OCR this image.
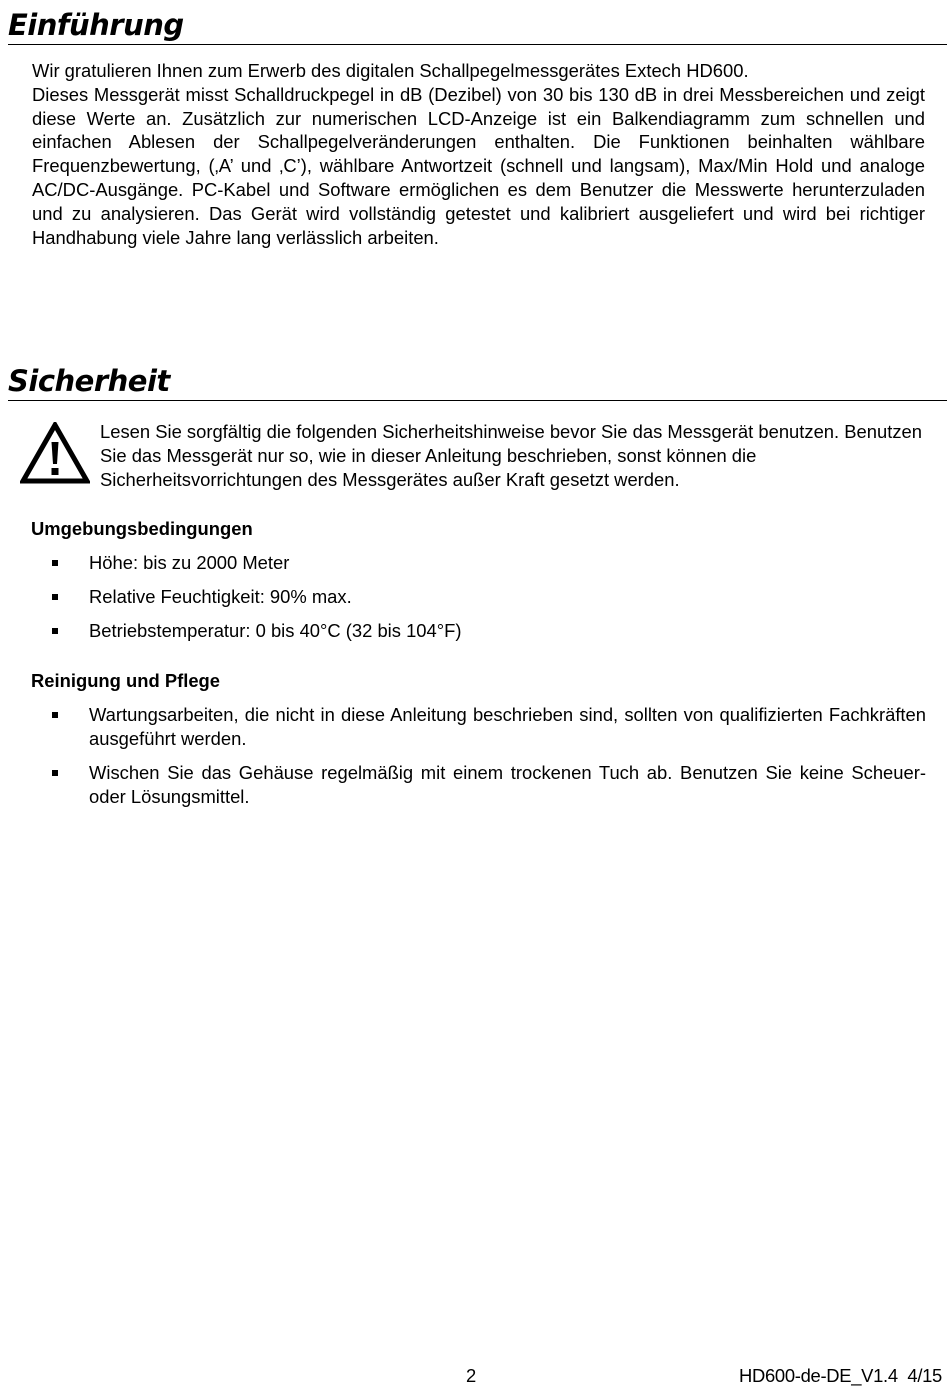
Einführung
Wir gratulieren Ihnen zum Erwerb des digitalen Schallpegelmessgerätes Extech HD600.
Dieses Messgerät misst Schalldruckpegel in dB (Dezibel) von 30 bis 130 dB in drei Messbereichen und zeigt diese Werte an. Zusätzlich zur numerischen LCD-Anzeige ist ein Balkendiagramm zum schnellen und einfachen Ablesen der Schallpegelveränderungen enthalten. Die Funktionen beinhalten wählbare Frequenzbewertung, (‚A’ und ‚C’), wählbare Antwortzeit (schnell und langsam), Max/Min Hold und analoge AC/DC-Ausgänge. PC-Kabel und Software ermöglichen es dem Benutzer die Messwerte herunterzuladen und zu analysieren. Das Gerät wird vollständig getestet und kalibriert ausgeliefert und wird bei richtiger Handhabung viele Jahre lang verlässlich arbeiten.
Sicherheit

Lesen Sie sorgfältig die folgenden Sicherheitshinweise bevor Sie das Messgerät benutzen. Benutzen Sie das Messgerät nur so, wie in dieser Anleitung beschrieben, sonst können die Sicherheitsvorrichtungen des Messgerätes außer Kraft gesetzt werden.

Umgebungsbedingungen
Höhe: bis zu 2000 Meter
Relative Feuchtigkeit: 90% max.
Betriebstemperatur: 0 bis 40°C (32 bis 104°F)
Reinigung und Pflege
Wartungsarbeiten, die nicht in diese Anleitung beschrieben sind, sollten von qualifizierten Fachkräften ausgeführt werden.
Wischen Sie das Gehäuse regelmäßig mit einem trockenen Tuch ab. Benutzen Sie keine Scheuer- oder Lösungsmittel.
2	HD600-de-DE_V1.4  4/15
